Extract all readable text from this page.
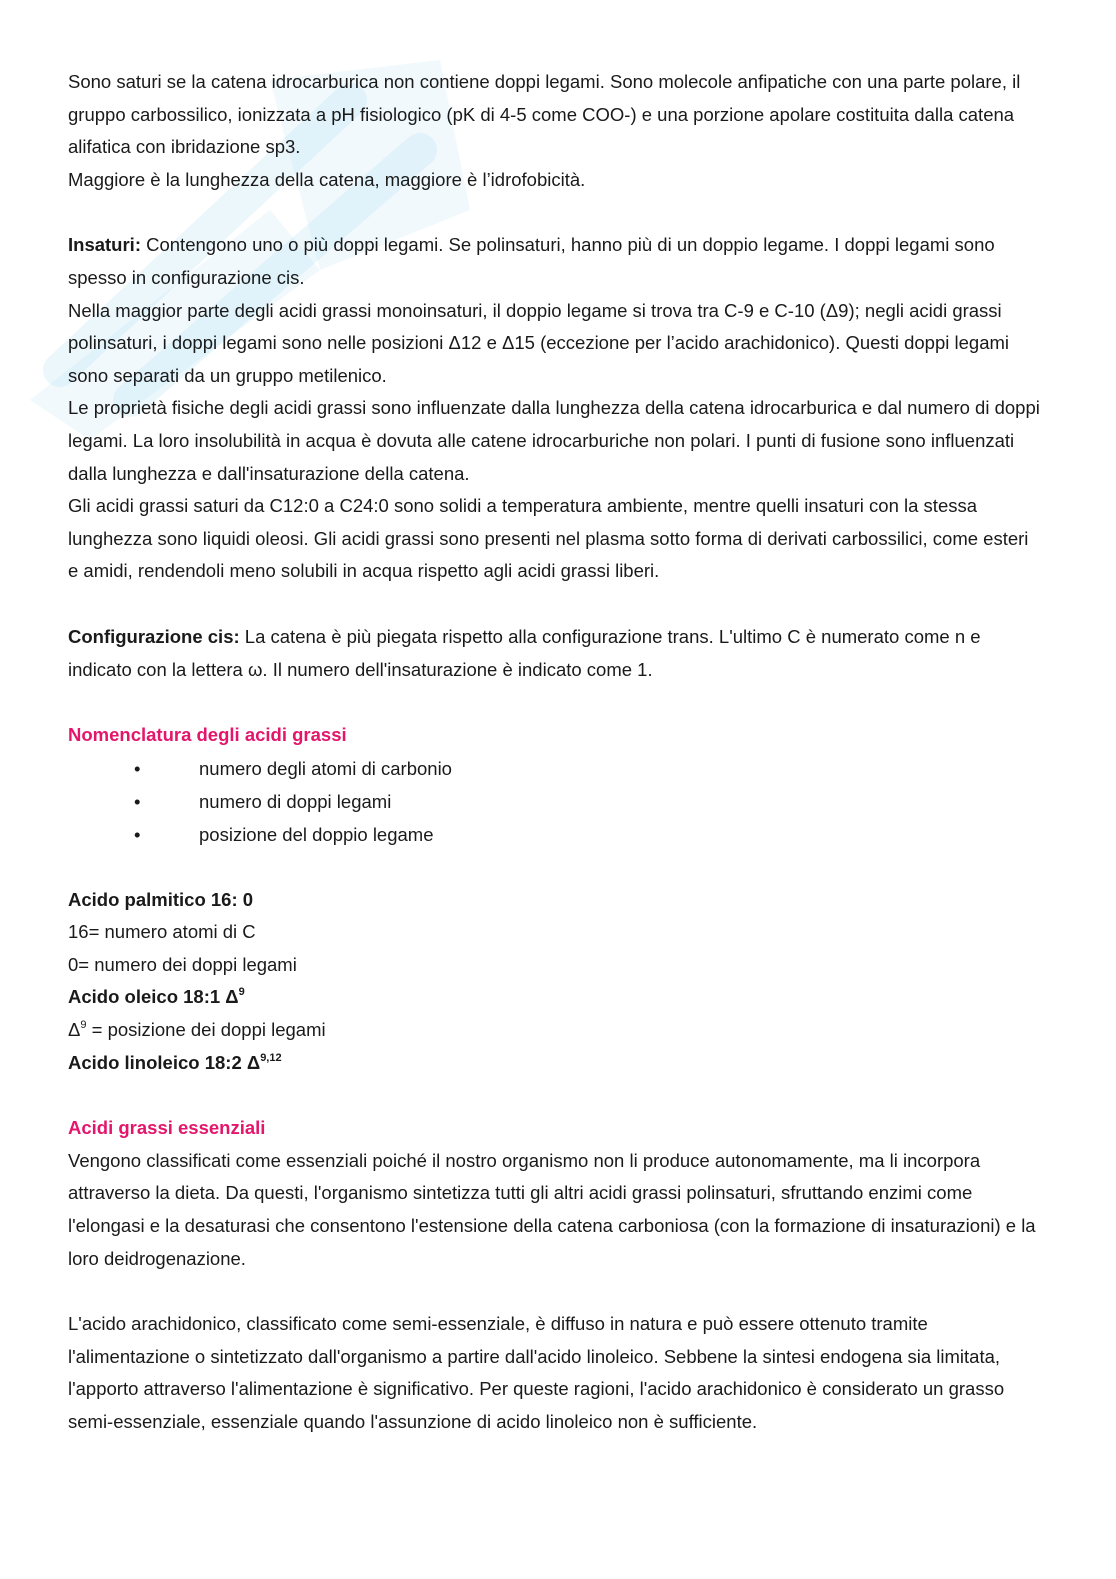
Sono saturi se la catena idrocarburica non contiene doppi legami. Sono molecole anfipatiche con una parte polare, il gruppo carbossilico, ionizzata a pH fisiologico (pK di 4-5 come COO-) e una porzione apolare costituita dalla catena alifatica con ibridazione sp3.

Maggiore è la lunghezza della catena, maggiore è l’idrofobicità.

Insaturi: Contengono uno o più doppi legami. Se polinsaturi, hanno più di un doppio legame. I doppi legami sono spesso in configurazione cis.

Nella maggior parte degli acidi grassi monoinsaturi, il doppio legame si trova tra C-9 e C-10 (Δ9); negli acidi grassi polinsaturi, i doppi legami sono nelle posizioni Δ12 e Δ15 (eccezione per l’acido arachidonico). Questi doppi legami sono separati da un gruppo metilenico.

Le proprietà fisiche degli acidi grassi sono influenzate dalla lunghezza della catena idrocarburica e dal numero di doppi legami. La loro insolubilità in acqua è dovuta alle catene idrocarburiche non polari. I punti di fusione sono influenzati dalla lunghezza e dall'insaturazione della catena.

Gli acidi grassi saturi da C12:0 a C24:0 sono solidi a temperatura ambiente, mentre quelli insaturi con la stessa lunghezza sono liquidi oleosi. Gli acidi grassi sono presenti nel plasma sotto forma di derivati carbossilici, come esteri e amidi, rendendoli meno solubili in acqua rispetto agli acidi grassi liberi.

Configurazione cis: La catena è più piegata rispetto alla configurazione trans. L'ultimo C è numerato come n e indicato con la lettera ω. Il numero dell'insaturazione è indicato come 1.

Nomenclatura degli acidi grassi
•	numero degli atomi di carbonio
•	numero di doppi legami
•	posizione del doppio legame

Acido palmitico 16: 0

16= numero atomi di C

0= numero dei doppi legami

Acido oleico 18:1 $\Delta^9$

$\Delta^9$ = posizione dei doppi legami

Acido linoleico 18:2 Δ$^{9,12}$

Acidi grassi essenziali

Vengono classificati come essenziali poiché il nostro organismo non li produce autonomamente, ma li incorpora attraverso la dieta. Da questi, l'organismo sintetizza tutti gli altri acidi grassi polinsaturi, sfruttando enzimi come l'elongasi e la desaturasi che consentono l'estensione della catena carboniosa (con la formazione di insaturazioni) e la loro deidrogenazione.

L'acido arachidonico, classificato come semi-essenziale, è diffuso in natura e può essere ottenuto tramite l'alimentazione o sintetizzato dall'organismo a partire dall'acido linoleico. Sebbene la sintesi endogena sia limitata, l'apporto attraverso l'alimentazione è significativo. Per queste ragioni, l'acido arachidonico è considerato un grasso semi-essenziale, essenziale quando l'assunzione di acido linoleico non è sufficiente.
